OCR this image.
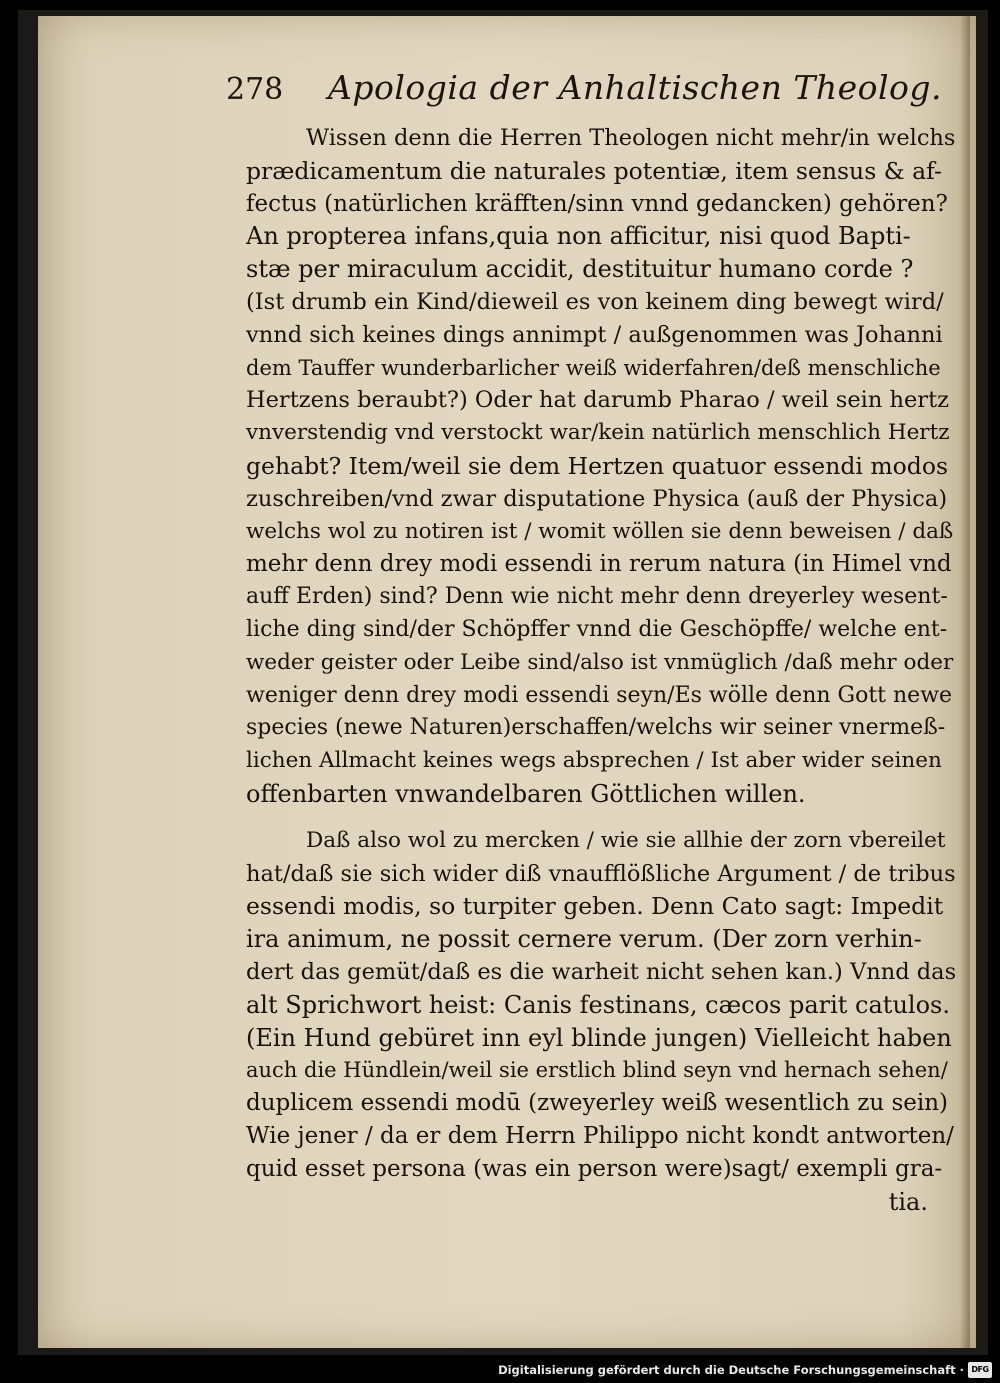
278 Apologia der Anhaltischen Theolog.
Wissen denn die Herren Theologen nicht mehr/in welchs
prædicamentum die naturales potentiæ, item sensus & af-
fectus (natürlichen kräfften/sinn vnnd gedancken) gehören?
An propterea infans,quia non afficitur, nisi quod Bapti-
stæ per miraculum accidit, destituitur humano corde ?
(Ist drumb ein Kind/dieweil es von keinem ding bewegt wird/
vnnd sich keines dings annimpt / außgenommen was Johanni
dem Tauffer wunderbarlicher weiß widerfahren/deß menschliche
Hertzens beraubt?) Oder hat darumb Pharao / weil sein hertz
vnverstendig vnd verstockt war/kein natürlich menschlich Hertz
gehabt? Item/weil sie dem Hertzen quatuor essendi modos
zuschreiben/vnd zwar disputatione Physica (auß der Physica)
welchs wol zu notiren ist / womit wöllen sie denn beweisen / daß
mehr denn drey modi essendi in rerum natura (in Himel vnd
auff Erden) sind? Denn wie nicht mehr denn dreyerley wesent-
liche ding sind/der Schöpffer vnnd die Geschöpffe/ welche ent-
weder geister oder Leibe sind/also ist vnmüglich /daß mehr oder
weniger denn drey modi essendi seyn/Es wölle denn Gott newe
species (newe Naturen)erschaffen/welchs wir seiner vnermeß-
lichen Allmacht keines wegs absprechen / Ist aber wider seinen
offenbarten vnwandelbaren Göttlichen willen.
Daß also wol zu mercken / wie sie allhie der zorn vbereilet
hat/daß sie sich wider diß vnaufflößliche Argument / de tribus
essendi modis, so turpiter geben. Denn Cato sagt: Impedit
ira animum, ne possit cernere verum. (Der zorn verhin-
dert das gemüt/daß es die warheit nicht sehen kan.) Vnnd das
alt Sprichwort heist: Canis festinans, cæcos parit catulos.
(Ein Hund gebüret inn eyl blinde jungen) Vielleicht haben
auch die Hündlein/weil sie erstlich blind seyn vnd hernach sehen/
duplicem essendi modū (zweyerley weiß wesentlich zu sein)
Wie jener / da er dem Herrn Philippo nicht kondt antworten/
quid esset persona (was ein person were)sagt/ exempli gra-
tia.
Digitalisierung gefördert durch die Deutsche Forschungsgemeinschaft · DFG
